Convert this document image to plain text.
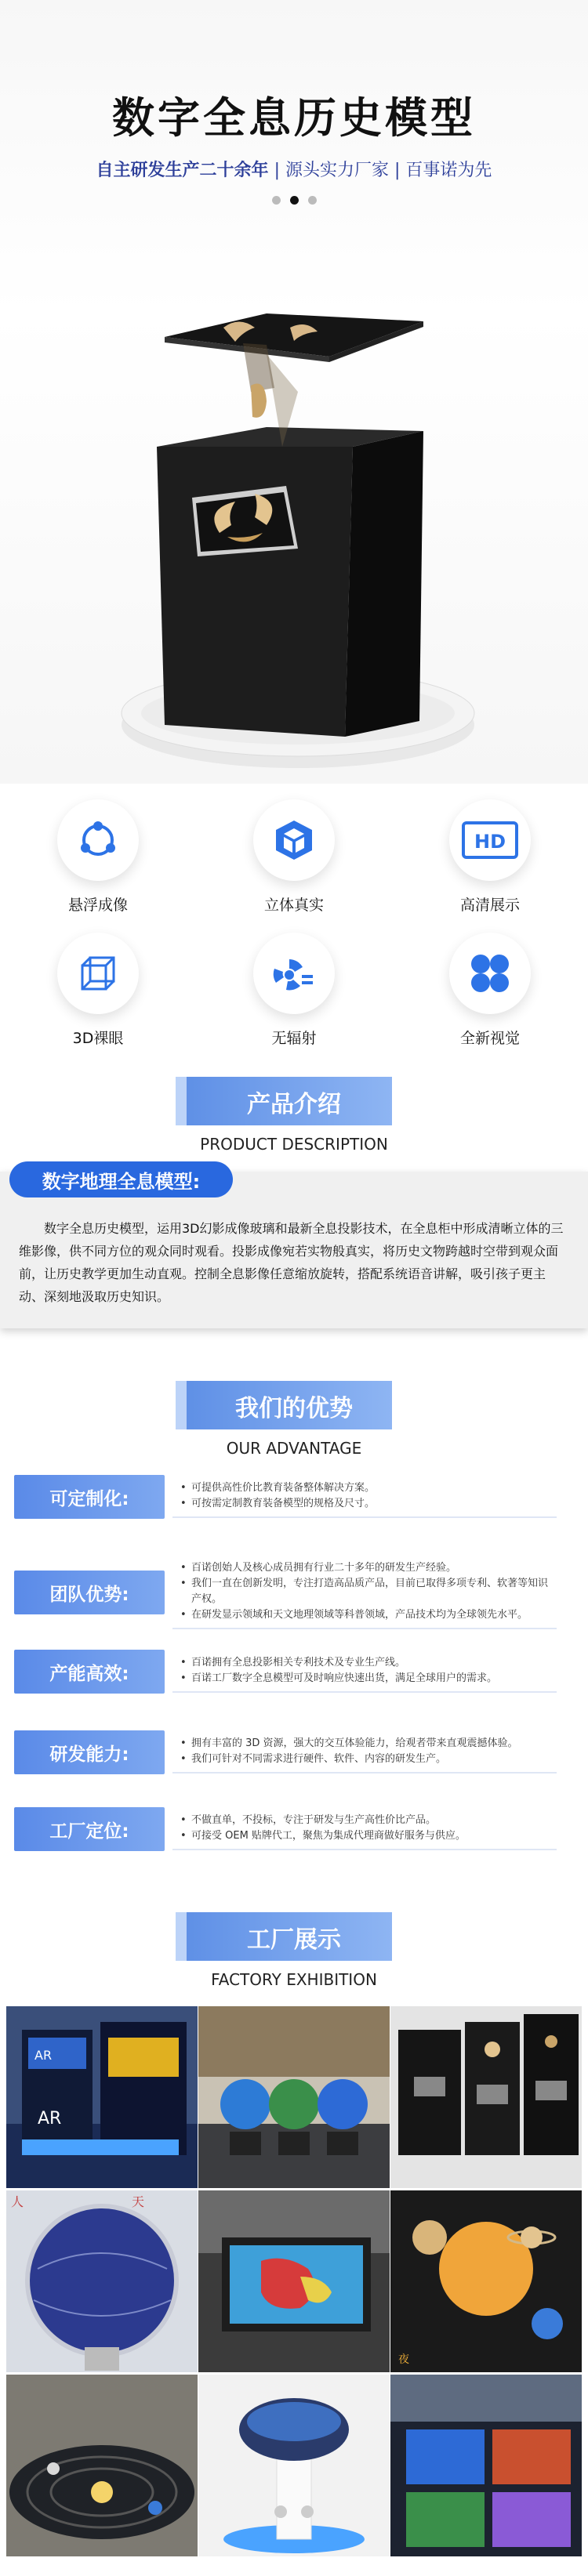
数字全息历史模型
自主研发生产二十余年 | 源头实力厂家 | 百事诺为先
悬浮成像	立体真实
HD
高清展示
3D裸眼	无辐射	全新视觉
产品介绍
PRODUCT DESCRIPTION

数字全息历史模型，运用3D幻影成像玻璃和最新全息投影技术，在全息柜中形成清晰立体的三维影像，供不同方位的观众同时观看。投影成像宛若实物般真实，将历史文物跨越时空带到观众面前，让历史教学更加生动直观。控制全息影像任意缩放旋转，搭配系统语音讲解，吸引孩子更主动、深刻地汲取历史知识。

数字地理全息模型:
我们的优势
OUR ADVANTAGE
可定制化:
• 可提供高性价比教育装备整体解决方案。
• 可按需定制教育装备模型的规格及尺寸。
团队优势:
• 百诺创始人及核心成员拥有行业二十多年的研发生产经验。
• 我们一直在创新发明，专注打造高品质产品，目前已取得多项专利、软著等知识产权。
• 在研发显示领域和天文地理领域等科普领域，产品技术均为全球领先水平。
产能高效:
• 百诺拥有全息投影相关专利技术及专业生产线。
• 百诺工厂数字全息模型可及时响应快速出货，满足全球用户的需求。
研发能力:
• 拥有丰富的 3D 资源，强大的交互体验能力，给观者带来直观震撼体验。
• 我们可针对不同需求进行硬件、软件、内容的研发生产。
工厂定位:
• 不做直单，不投标，专注于研发与生产高性价比产品。
• 可接受 OEM 贴牌代工，聚焦为集成代理商做好服务与供应。
工厂展示
FACTORY EXHIBITION
AR
AR
人	天
夜
